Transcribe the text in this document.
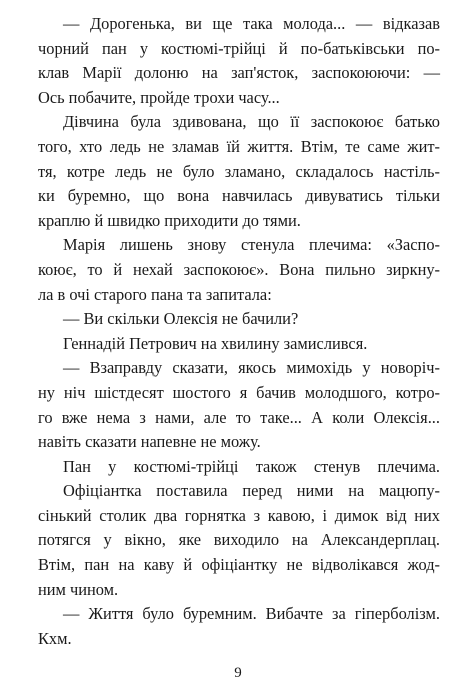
— Дорогенька, ви ще така молода... — відказав
чорний пан у костюмі-трійці й по-батьківськи по-
клав Марії долоню на зап'ясток, заспокоюючи: —
Ось побачите, пройде трохи часу...
Дівчина була здивована, що її заспокоює батько
того, хто ледь не зламав їй життя. Втім, те саме жит-
тя, котре ледь не було зламано, складалось настіль-
ки буремно, що вона навчилась дивуватись тільки
краплю й швидко приходити до тями.
Марія лишень знову стенула плечима: «Заспо-
коює, то й нехай заспокоює». Вона пильно зиркну-
ла в очі старого пана та запитала:
— Ви скільки Олексія не бачили?
Геннадій Петрович на хвилину замислився.
— Взаправду сказати, якось мимохідь у новоріч-
ну ніч шістдесят шостого я бачив молодшого, котро-
го вже нема з нами, але то таке... А коли Олексія...
навіть сказати напевне не можу.
Пан у костюмі-трійці також стенув плечима.
Офіціантка поставила перед ними на мацюпу-
сінький столик два горнятка з кавою, і димок від них
потягся у вікно, яке виходило на Александерплац.
Втім, пан на каву й офіціантку не відволікався жод-
ним чином.
— Життя було буремним. Вибачте за гіперболізм.
Кхм.
9
